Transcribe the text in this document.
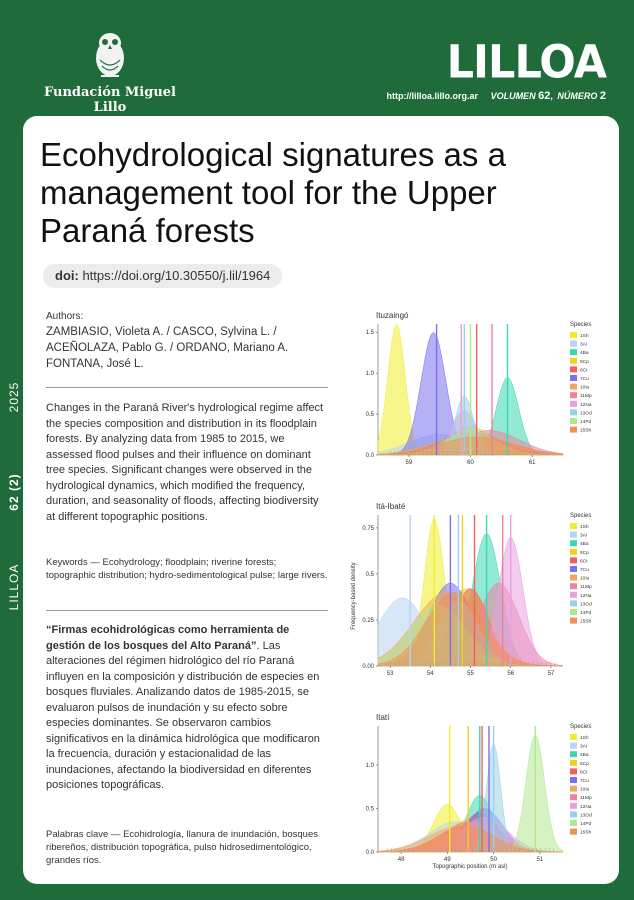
Fundación Miguel Lillo
LILLOA
http://lilloa.lillo.org.ar VOLUMEN 62, NÚMERO 2
2025
62 (2)
LILLOA
Ecohydrological signatures as a management tool for the Upper Paraná forests
doi: https://doi.org/10.30550/j.lil/1964
Authors:
ZAMBIASIO, Violeta A. / CASCO, Sylvina L. / ACEÑOLAZA, Pablo G. / ORDANO, Mariano A. FONTANA, José L.
Changes in the Paraná River's hydrological regime affect the species composition and distribution in its floodplain forests. By analyzing data from 1985 to 2015, we assessed flood pulses and their influence on dominant tree species. Significant changes were observed in the hydrological dynamics, which modified the frequency, duration, and seasonality of floods, affecting biodiversity at different topographic positions.
Keywords — Ecohydrology; floodplain; riverine forests; topographic distribution; hydro-sedimentological pulse; large rivers.
“Firmas ecohidrológicas como herramienta de gestión de los bosques del Alto Paraná”. Las alteraciones del régimen hidrológico del río Paraná influyen en la composición y distribución de especies en bosques fluviales. Analizando datos de 1985-2015, se evaluaron pulsos de inundación y su efecto sobre especies dominantes. Se observaron cambios significativos en la dinámica hidrológica que modificaron la frecuencia, duración y estacionalidad de las inundaciones, afectando la biodiversidad en diferentes posiciones topográficas.
Palabras clave — Ecohidrología, llanura de inundación, bosques ribereños, distribución topográfica, pulso hidrosedimentológico, grandes ríos.
Ituzaingó
59	60	61
0.0
0.5
1.0
1.5
Species
1Sh
3Ai
4Ba
5Cp
6Ct
7Cu
10Iu
11Mp
12Na
13Od
14Pd
15Sh
Itá-Ibaté
53	54	55	56	57
0.00
0.25
0.5
0.75
Species
1Sh
3Ai
4Ba
5Cp
6Ct
7Cu
10Iu
11Mp
12Na
13Od
14Pd
15Sh
Itatí
48	49	50	51
0.0
0.5
1.0
Species
1Sh
3Ai
4Ba
5Cp
6Ct
7Cu
10Iu
11Mp
12Na
13Od
14Pd
15Sh
Frequency-based density
Topographic position (m asl)
